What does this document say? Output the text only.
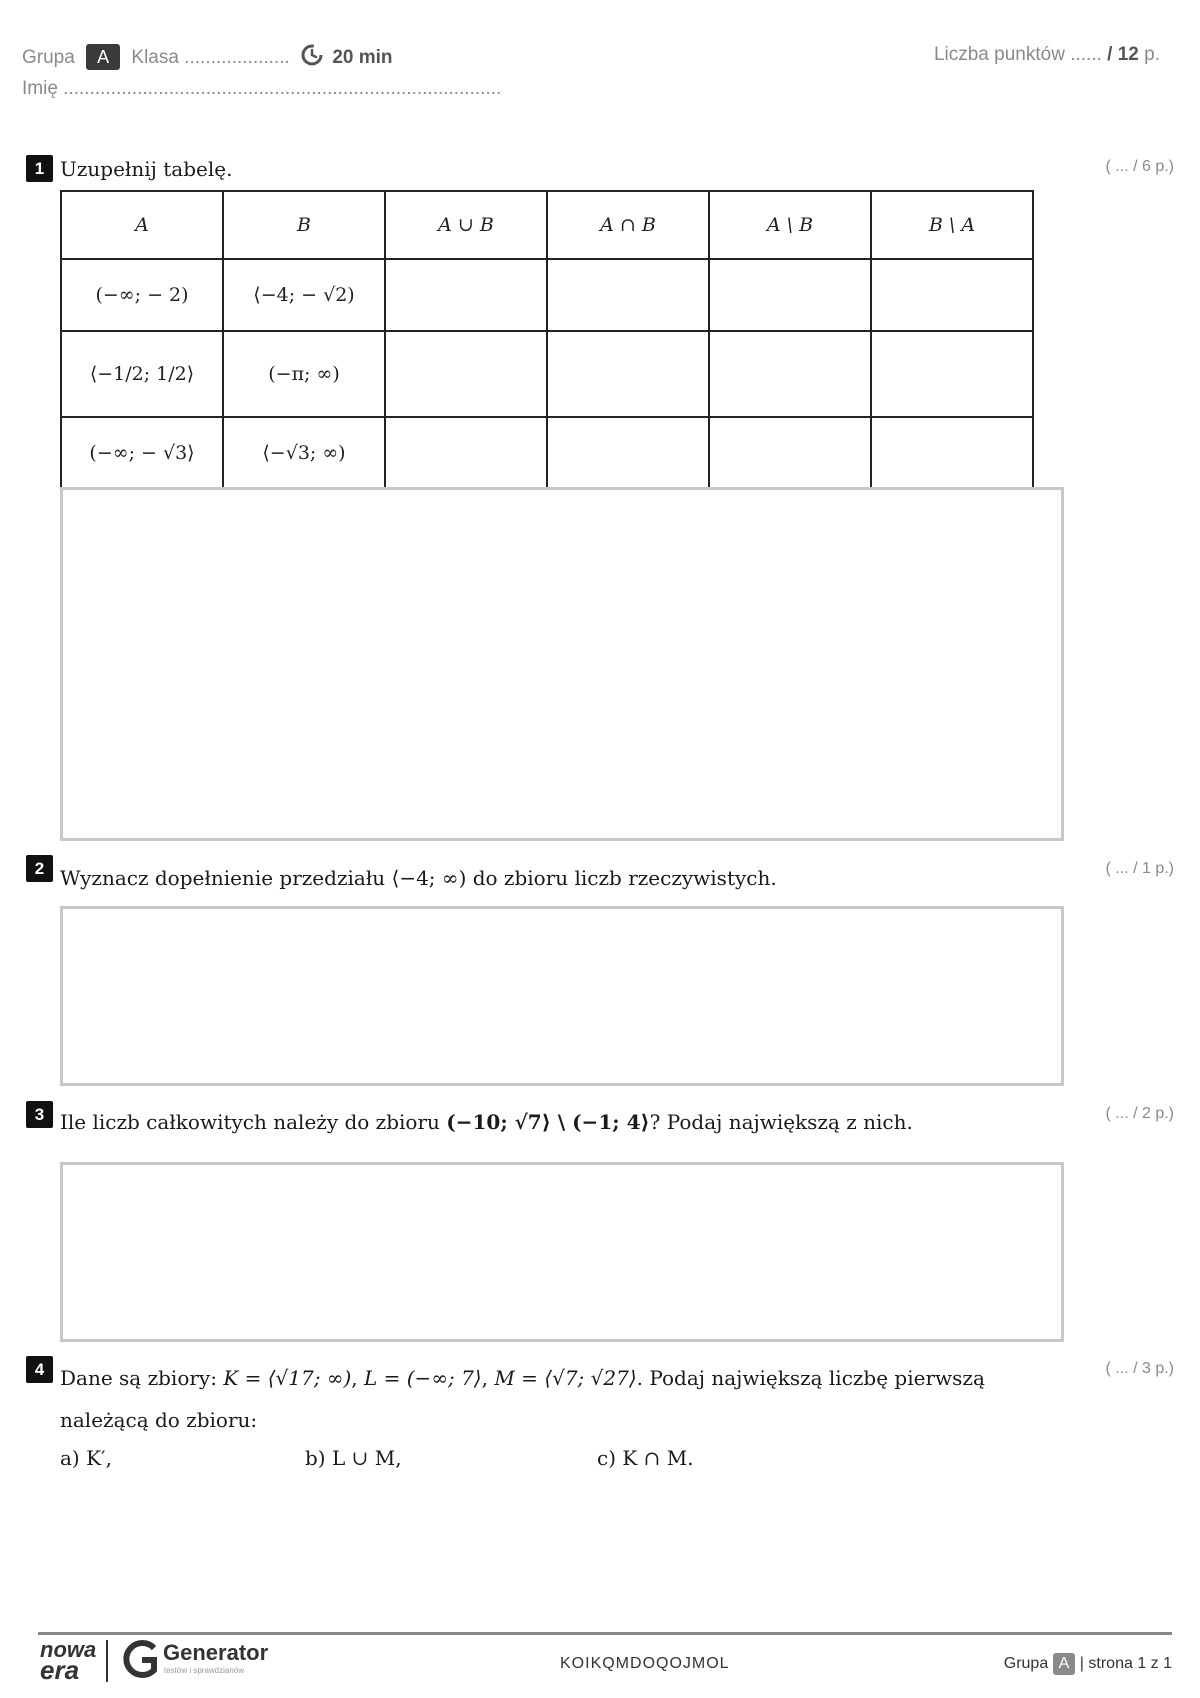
Grupa A Klasa .................... 20 min
Imię ...................................................................................
Liczba punktów ...... / 12 p.
1 Uzupełnij tabelę.	( ... / 6 p.)
A	B	A ∪ B	A ∩ B	A \ B	B \ A
(−∞; − 2)	⟨−4; − √2)				
⟨−1/2; 1/2⟩	(−π; ∞)				
(−∞; − √3⟩	⟨−√3; ∞)				
2 Wyznacz dopełnienie przedziału ⟨−4; ∞) do zbioru liczb rzeczywistych.	( ... / 1 p.)
3 Ile liczb całkowitych należy do zbioru (−10; √7⟩ \ (−1; 4⟩? Podaj największą z nich.	( ... / 2 p.)
4 Dane są zbiory: K = ⟨√17; ∞), L = (−∞; 7⟩, M = ⟨√7; √27⟩. Podaj największą liczbę pierwszą
należącą do zbioru:
( ... / 3 p.)
a) K′,	b) L ∪ M,	c) K ∩ M.
nowa
era
Generator
testów i sprawdzianów	KOIKQMDOQOJMOL	Grupa A | strona 1 z 1
